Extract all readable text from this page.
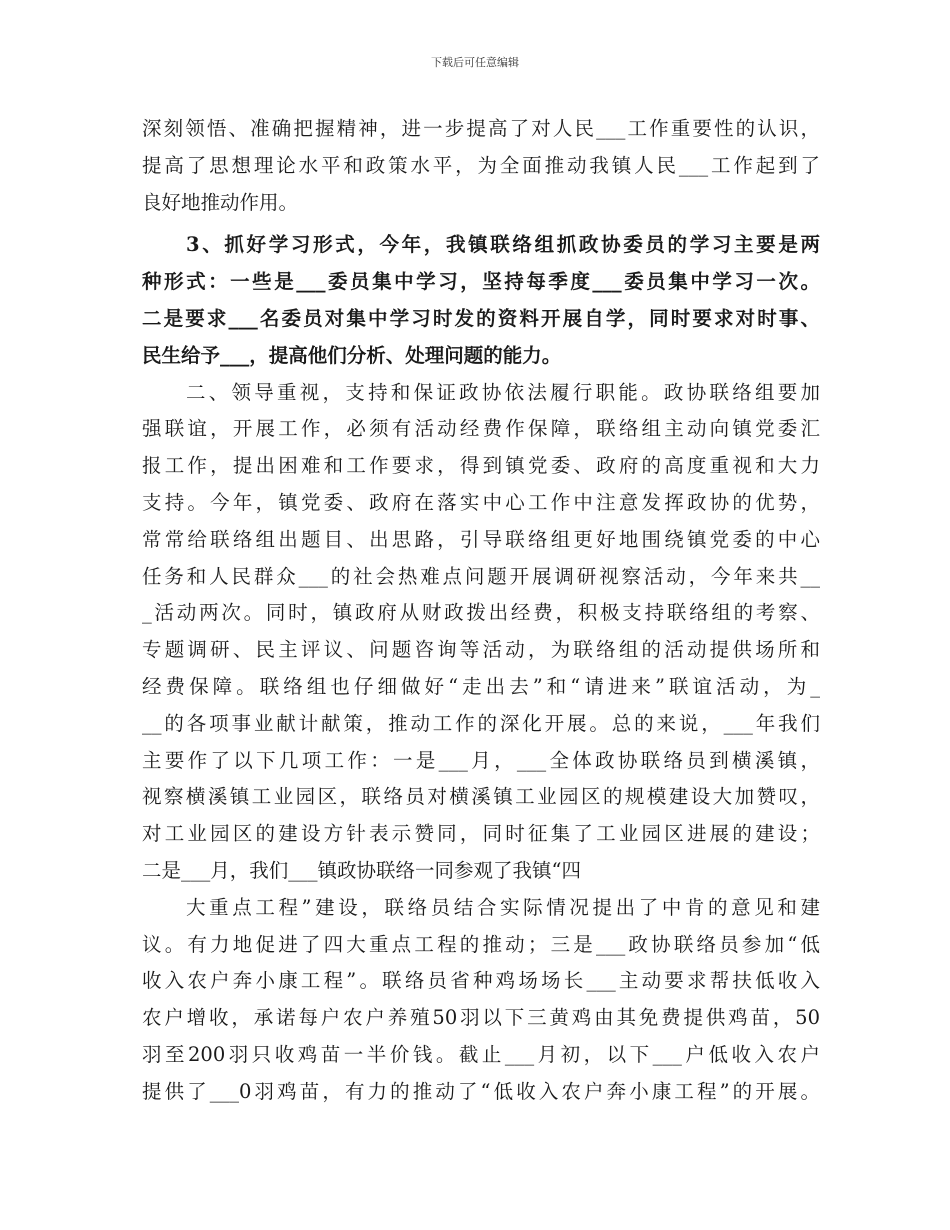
下载后可任意编辑
深刻领悟、准确把握精神，进一步提高了对人民___工作重要性的认识，
提高了思想理论水平和政策水平，为全面推动我镇人民___工作起到了
良好地推动作用。
3、抓好学习形式，今年，我镇联络组抓政协委员的学习主要是两
种形式：一些是___委员集中学习，坚持每季度___委员集中学习一次。
二是要求___名委员对集中学习时发的资料开展自学，同时要求对时事、
民生给予___，提高他们分析、处理问题的能力。
二、领导重视，支持和保证政协依法履行职能。政协联络组要加
强联谊，开展工作，必须有活动经费作保障，联络组主动向镇党委汇
报工作，提出困难和工作要求，得到镇党委、政府的高度重视和大力
支持。今年，镇党委、政府在落实中心工作中注意发挥政协的优势，
常常给联络组出题目、出思路，引导联络组更好地围绕镇党委的中心
任务和人民群众___的社会热难点问题开展调研视察活动，今年来共__
_活动两次。同时，镇政府从财政拨出经费，积极支持联络组的考察、
专题调研、民主评议、问题咨询等活动，为联络组的活动提供场所和
经费保障。联络组也仔细做好“走出去”和“请进来”联谊活动，为_
__的各项事业献计献策，推动工作的深化开展。总的来说，___年我们
主要作了以下几项工作：一是___月，___全体政协联络员到横溪镇，
视察横溪镇工业园区，联络员对横溪镇工业园区的规模建设大加赞叹，
对工业园区的建设方针表示赞同，同时征集了工业园区进展的建设；
二是___月，我们___镇政协联络一同参观了我镇“四
大重点工程”建设，联络员结合实际情况提出了中肯的意见和建
议。有力地促进了四大重点工程的推动；三是___政协联络员参加“低
收入农户奔小康工程”。联络员省种鸡场场长___主动要求帮扶低收入
农户增收，承诺每户农户养殖50羽以下三黄鸡由其免费提供鸡苗，50
羽至200羽只收鸡苗一半价钱。截止___月初，以下___户低收入农户
提供了___0羽鸡苗，有力的推动了“低收入农户奔小康工程”的开展。
